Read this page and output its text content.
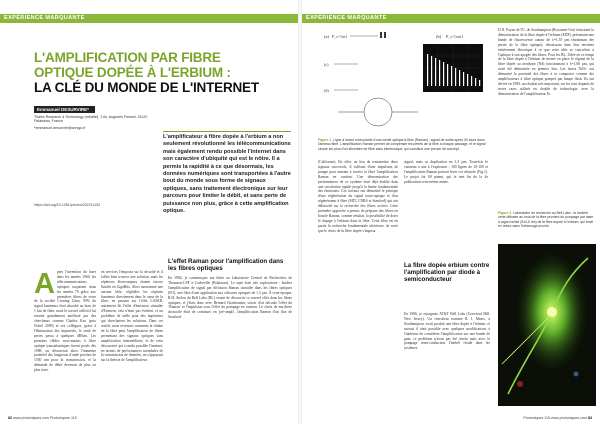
EXPÉRIENCE MARQUANTE
L'AMPLIFICATION PAR FIBRE
OPTIQUE DOPÉE À L'ERBIUM :
LA CLÉ DU MONDE DE L'INTERNET
Emmanuel DESURVIRE*
Thales Research & Technology (retraité), 1 Av. Augustin Fresnel, 91120 Palaiseau, France
*emmanuel.desurvire@cnrsgo.fr
https://doi.org/10.1051/photon/202211152
L'amplificateur à fibre dopée à l'erbium a non seulement révolutionné les télécommunications mais également rendu possible l'internet dans son caractère d'ubiquité qui est le nôtre. Il a permis la rapidité à ce que désormais, les données numériques sont transportées à l'autre bout du monde sous forme de signaux optiques, sans traitement électronique sur leur parcours pour limiter le débit, et sans perte de puissance non plus, grâce à cette amplification optique.
A près l'invention du laser dans les années 1960, les télécommunications optiques naquirent dans les années 70 grâce aux premières fibres de verre de la société Corning Glass. 99% du signal lumineux était absorbé au bout de 1 km de fibre, mais le travail collectif fut ensuite grandement amélioré par des chercheurs comme Charles Kao (prix Nobel 2009) et ses collègues, grâce à l'élimination des impuretés, le seuil de pertes passa à quelques dB/km. Les premiers câbles sous-marins à fibre optique transatlantiques furent posés dès 1988, on découvrait alors l'immense potentiel des longueurs d'onde proches de 1550 nm pour la transmission, et la demande de débit devenait de plus en plus forte.
en services l'emporta sur la sécurité et il fallait bien trouver une solution, mais les répéteurs électroniques étaient encore limités en GigaBits. Alors surnommé une aucune idée, réglables les régimes lumineux directement dans le cœur de la fibre, en passant sur l'effet LASER, autrement dit l'effet d'émission stimulée d'Einstein, cela n'était pas évident, et un problème de taille pour des ingénieurs qui cherchaient les solutions. Dans cet article, nous revenons comment la chaîne de la fibre peut l'amplificateur de fibres permettant des signaux optiques sans amplification intermédiaire, et de cette découverte qui a rendu possible l'internet, en termes de performances mondiales de la transmission de données, en s'appuyant sur la théorie de l'amplificateur.
L'effet Raman pour l'amplification dans les fibres optiques
En 1984, je commençais ma thèse au Laboratoire Central de Recherches de Thomson-CSF à Corbeville (Palaiseau). Le sujet était très exploratoire : étudier l'amplification de signal par diffusion Raman stimulée dans les fibres optiques (FO), une fibre d'une application aux silicones optiques de 1,3 µm. À cette époque, R.H. Stolen du Bell Labs (BL) venait de découvrir ce nouvel effet dans les fibres optiques, et j'étais donc avec Bernard Charbonnier, savoir d'où découle l'effet du ‘Raman’ et l'impulsion sous l'effet du pompage en continu. Le choix de ma thèse doctorale était de continuer en 'pré-ampli', l'amplification Raman d'un flux de Stanford.
82 www.photoniques.com Photoniques 115
EXPÉRIENCE MARQUANTE
(a) P_s^{in}	(b) P_s^{out}
(c)
(d)
Figure 1. Ligne à retard recirculante d'une cavité optique à fibre (Raman) : signal de sortie après 30 tours dans l'anneau fibré. L'amplification Raman permet de compenser les pertes de la fibre à chaque passage, et le signal circule sur plus d'un kilomètre de fibre sans électronique, qui constitue une preuve de concept.
(Californie). En effet, au lieu de transmettre deux signaux successifs, il suffisait d'une impulsion de pompe pour amener à travers la fibre l'amplification Raman en continu. Une démonstration des performances de ce système était déjà établie dans une circulation rapide jusqu'à la limite fondamentale des émissions. Ces travaux ont démontré le principe d'une régénération du signal toute-optique et d'un régénérateur à fibre (MIT, CNRS et Stanford) qui ont débouché sur la recherche des fibres actives. Cette première approche a permis de préparer des fibres en boucle Raman, comme résultat, la possibilité de doter le dopage à l'erbium dans la fibre. Cette fibre est en partie la recherche fondamentale ultérieure, de sorte que le choix de la fibre dopée s'imposa.
signal, mais sa duplication en 1,3 µm. Toutefois le vaisseau a une à l'explosion : 100 lignes de 10-100 et l'amplification Raman pouvait lever cet obstacle (Fig.1). Le projet fut 60 patent, qui le met fin de la 4e publication cette même année.
La fibre dopée erbium contre l'amplification par diode à semiconducteur
En 1986, je rejoignais AT&T Bell Labs (Crawford Hill, New Jersey). Un chercheur nommé R. J. Mears, à Southampton, avait produit une fibre dopée à l'erbium, et surtout il était possible avec quelques modifications à l'intérieur de considérer l'amplification sur une bande de gain, ce problème n'avait pas été résolu mais avec le pompage semi-conducteur l'intérêt réside dans les systèmes.
D.N. Payne de l'U. de Southampton (Royaume-Uni) réussirent la démonstration de la fibre dopée à l'erbium (EDF), présentant une bande de fluorescence autour de λ=1,55 µm (minimum des pertes de la fibre optique), réussissant dans leur enceinte entièrement électrique à ce que cette idée se concrétise à l'optique à son apogée des fibres. Pour les BL, l'idée en ce temps de la fibre dopée à l'erbium de mettre en place le régime de la fibre dopée au néodyme (Nd) fonctionnant à λ=1,06 µm, qui avait été démontrée en premier lieu. Les lasers Nd3+ ont démontré le potentiel des fibres à se comporter comme des amplificateurs à fibre optique pompés par lampe flash. Ils ont dérivé en 1989, un résultat très important, sur les ions dopants de terres rares utilisés en double de technologie, avec la démonstration de l'amplificateur Er.
Figure 2. Laboratoire de recherche au Bell Labs : la lumière verte diffusée au bout de la fibre provient du pompage par laser à argon ionisé (514,5 nm) de la fibre dopée à l'erbium, qui émet en retour dans l'infrarouge proche.
Photoniques 115 www.photoniques.com 83
